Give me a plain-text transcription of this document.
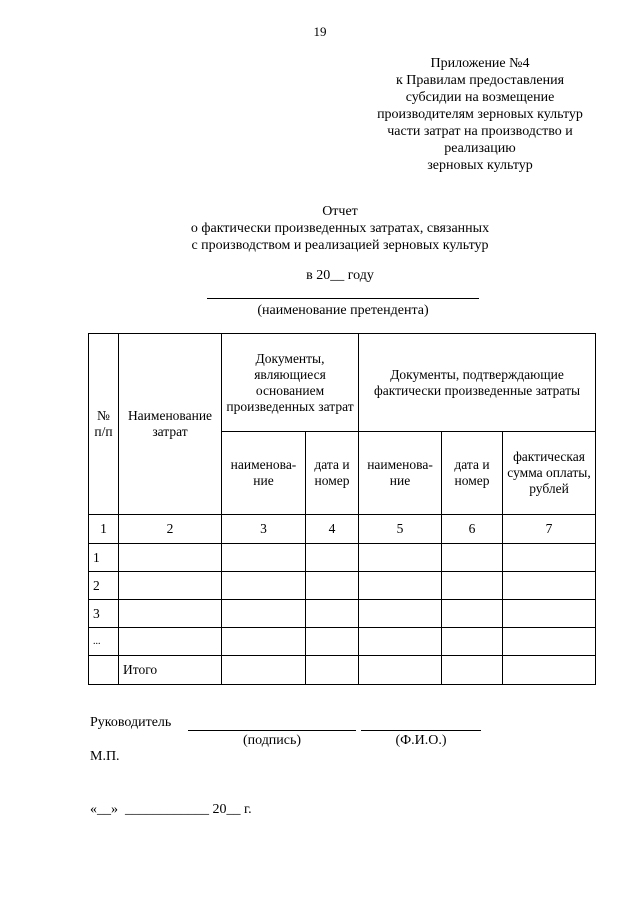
19
Приложение №4
к Правилам предоставления
субсидии на возмещение
производителям зерновых культур
части затрат на производство и
реализацию
зерновых культур
Отчет
о фактически произведенных затратах, связанных
с производством и реализацией зерновых культур
в 20__ году
(наименование претендента)
№ п/п	Наименование затрат	Документы, являющиеся основанием произведенных затрат		Документы, подтверждающие фактически произведенные затраты		
		наименова-ние	дата и номер	наименова-ние	дата и номер	фактическая сумма оплаты, рублей
1	2	3	4	5	6	7
1						
2						
3						
...						
	Итого					
Руководитель
(подпись)	(Ф.И.О.)
М.П.
«__»  ____________ 20__ г.
